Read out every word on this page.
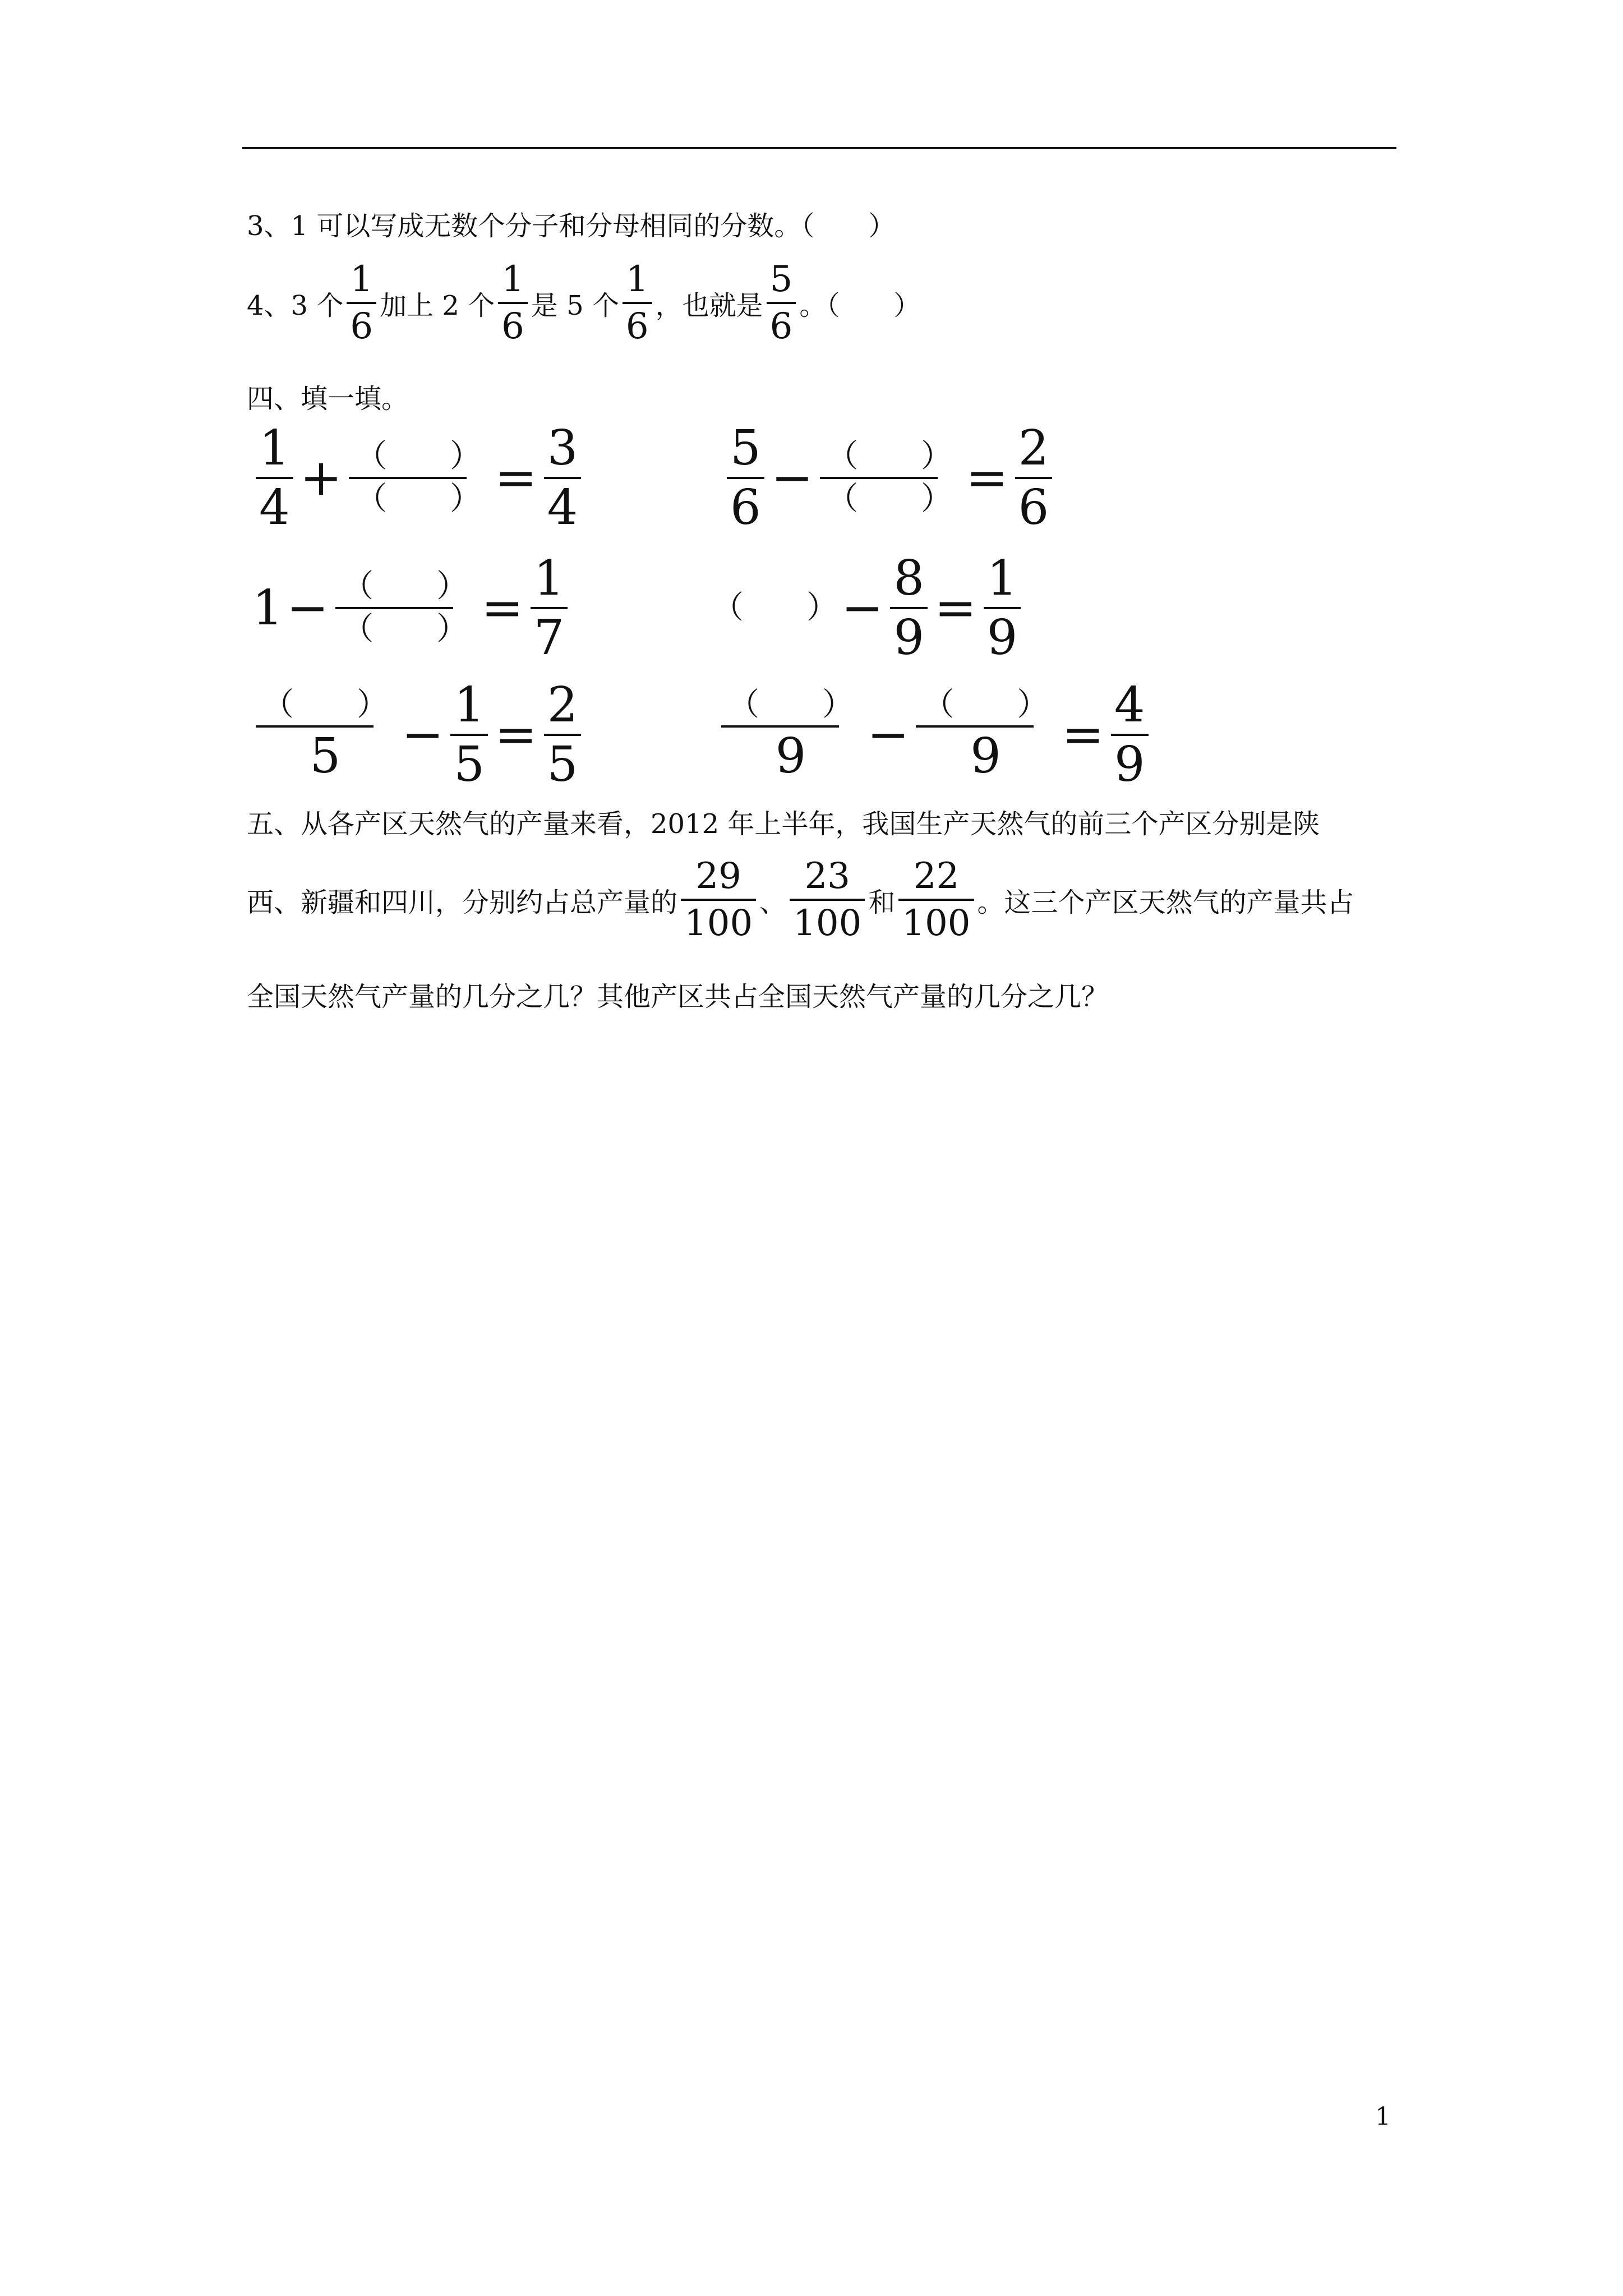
3、1 可以写成无数个分子和分母相同的分数。（　　）
4、3 个 $\frac{1}{6}$ 加上 2 个 $\frac{1}{6}$ 是 5 个 $\frac{1}{6}$ ，也就是 $\frac{5}{6}$ 。（　　）
四、填一填。
$\frac{1}{4} + \frac{( )}{( )} = \frac{3}{4}$	$\frac{5}{6} - \frac{( )}{( )} = \frac{2}{6}$
$1 - \frac{( )}{( )} = \frac{1}{7}$	（　　） − $\frac{8}{9} = \frac{1}{9}$
$\frac{( )}{5} - \frac{1}{5} = \frac{2}{5}$	$\frac{( )}{9} - \frac{( )}{9} = \frac{4}{9}$
五、从各产区天然气的产量来看，2012 年上半年，我国生产天然气的前三个产区分别是陕
西、新疆和四川，分别约占总产量的 $\frac{29}{100}$ 、 $\frac{23}{100}$ 和 $\frac{22}{100}$ 。这三个产区天然气的产量共占
全国天然气产量的几分之几？其他产区共占全国天然气产量的几分之几？
1
